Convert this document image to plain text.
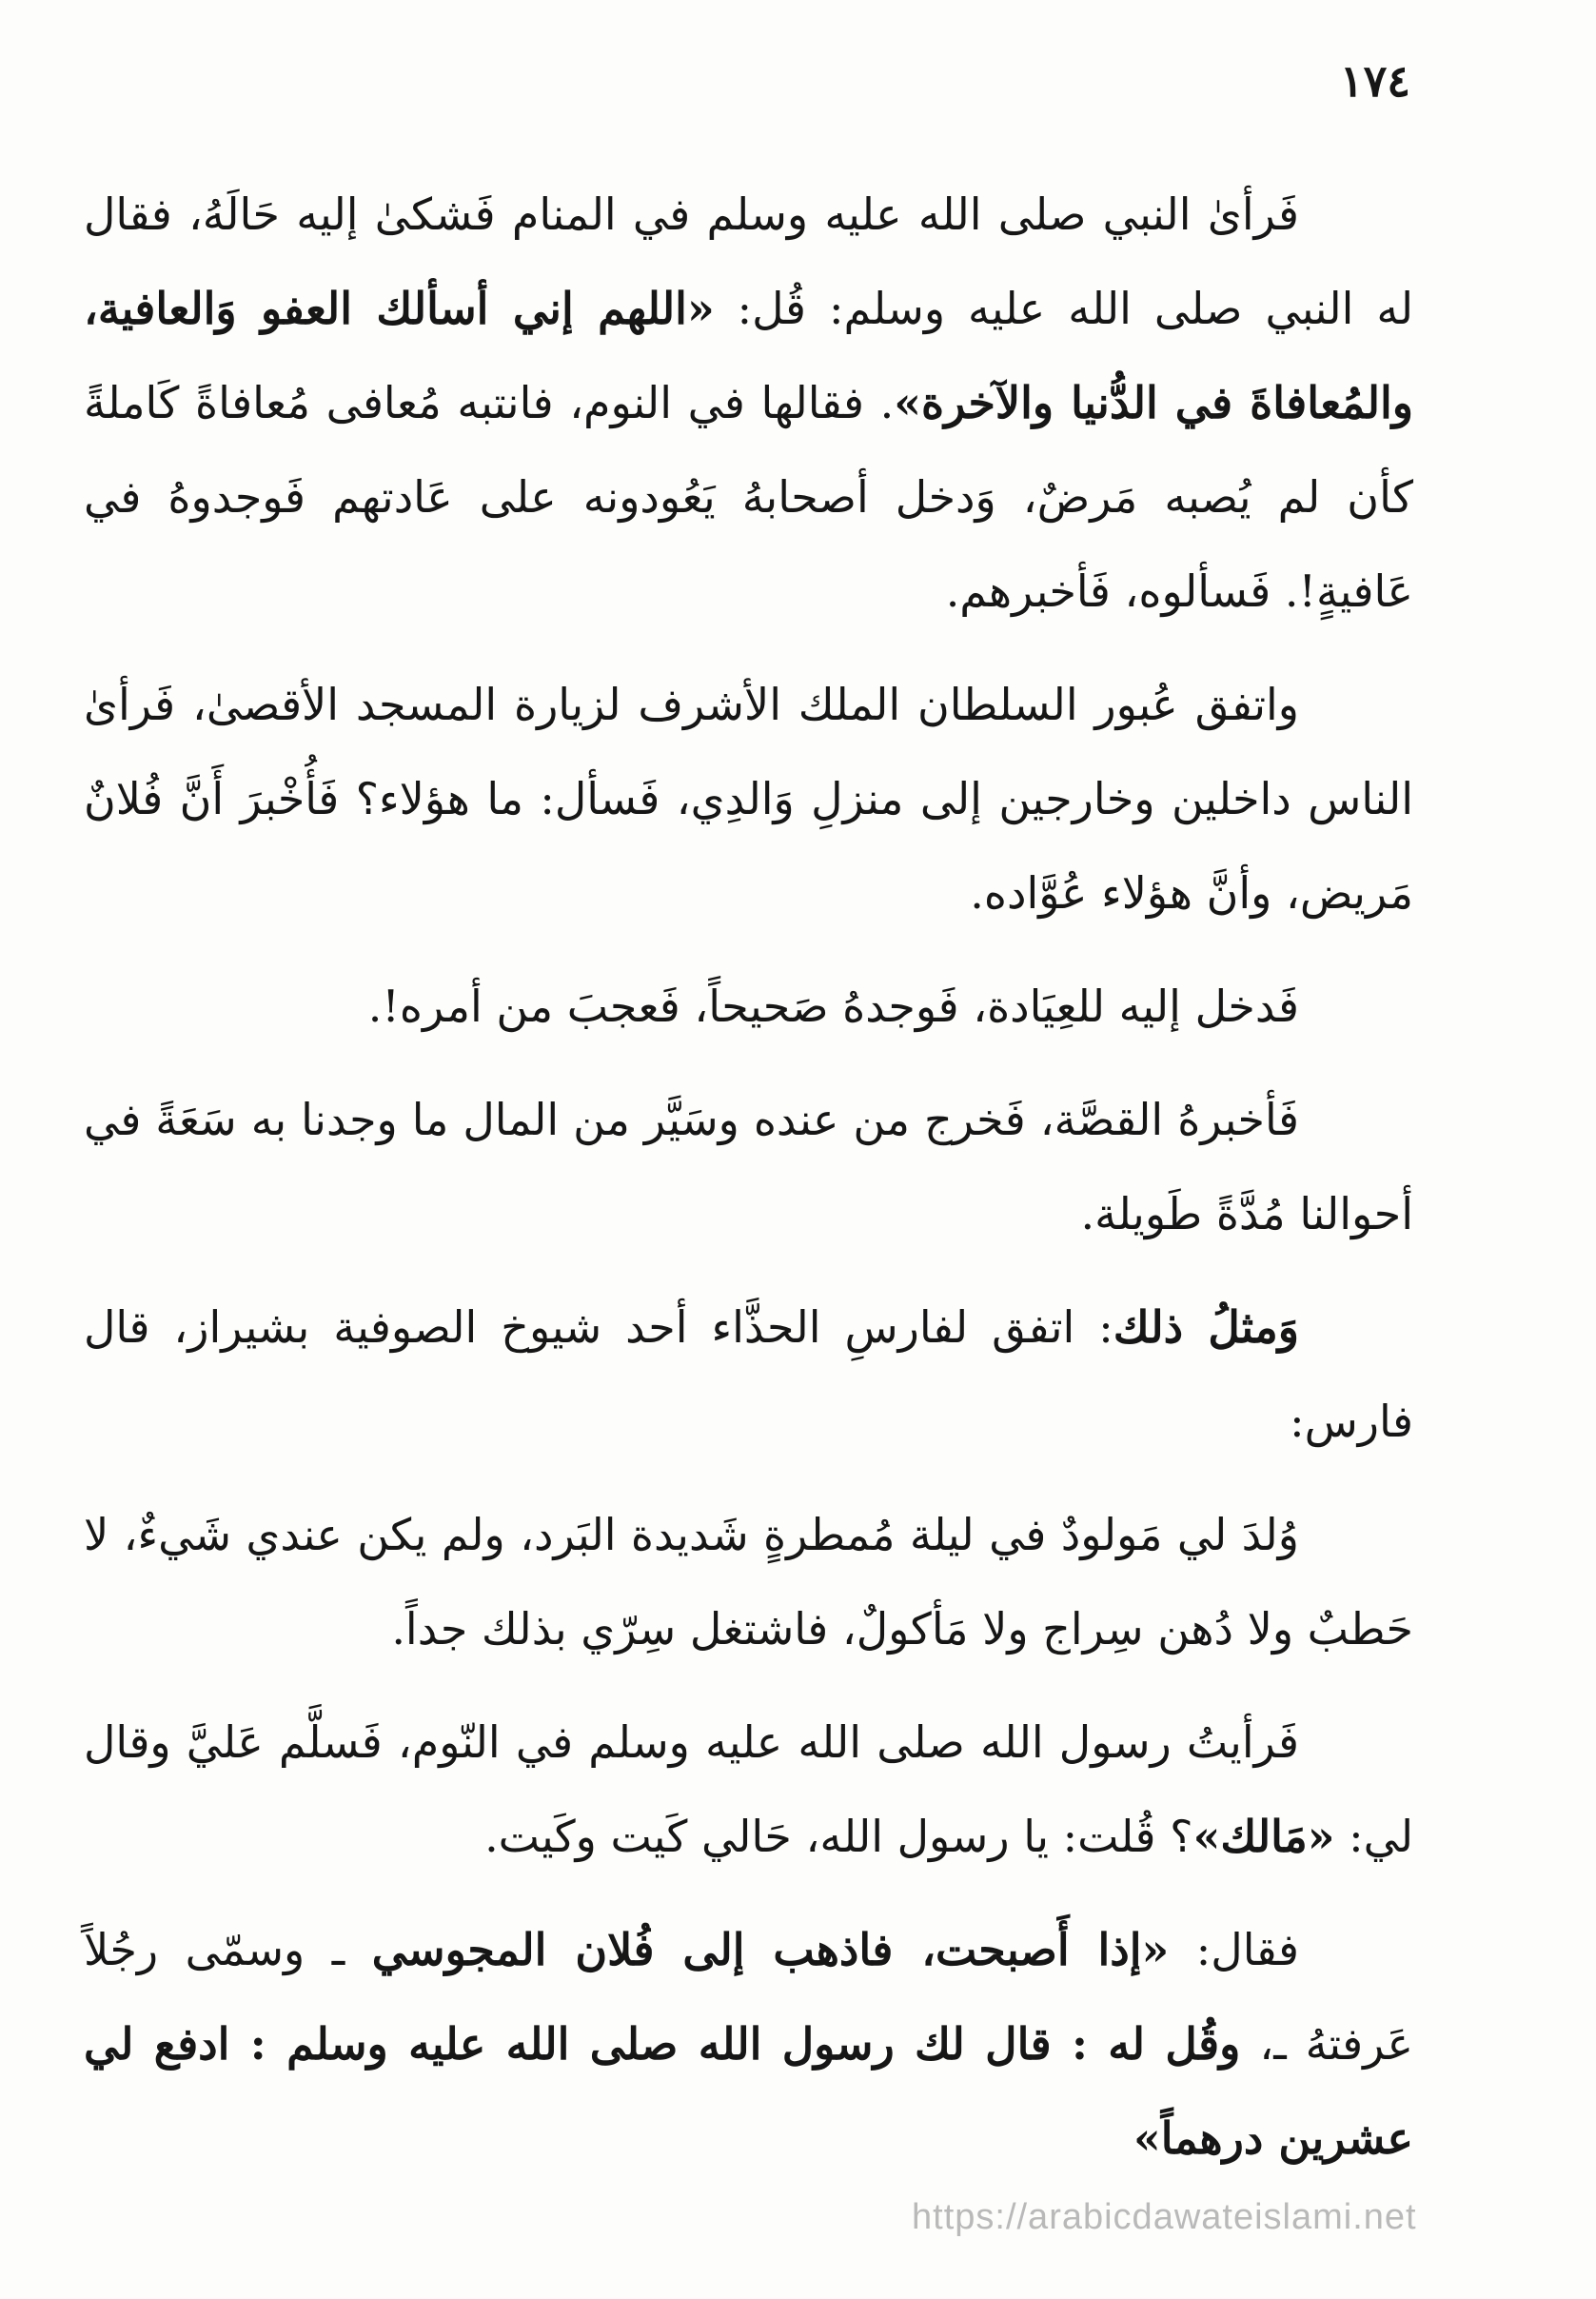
١٧٤

فَرأىٰ النبي صلى الله عليه وسلم في المنام فَشكىٰ إليه حَالَهُ، فقال له النبي صلى الله عليه وسلم: قُل: «اللهم إني أسألك العفو وَالعافية، والمُعافاةَ في الدُّنيا والآخرة». فقالها في النوم، فانتبه مُعافى مُعافاةً كَاملةً كأن لم يُصبه مَرضٌ، وَدخل أصحابهُ يَعُودونه على عَادتهم فَوجدوهُ في عَافيةٍ!. فَسألوه، فَأخبرهم.

واتفق عُبور السلطان الملك الأشرف لزيارة المسجد الأقصىٰ، فَرأىٰ الناس داخلين وخارجين إلى منزلِ وَالدِي، فَسأل: ما هؤلاء؟ فَأُخْبرَ أَنَّ فُلانٌ مَريض، وأنَّ هؤلاء عُوَّاده.

فَدخل إليه للعِيَادة، فَوجدهُ صَحيحاً، فَعجبَ من أمره!.

فَأخبرهُ القصَّة، فَخرج من عنده وسَيَّر من المال ما وجدنا به سَعَةً في أحوالنا مُدَّةً طَويلة.

وَمثلُ ذلك: اتفق لفارسِ الحذَّاء أحد شيوخ الصوفية بشيراز، قال فارس:

وُلدَ لي مَولودٌ في ليلة مُمطرةٍ شَديدة البَرد، ولم يكن عندي شَيءٌ، لا حَطبٌ ولا دُهن سِراج ولا مَأكولٌ، فاشتغل سِرّي بذلك جداً.

فَرأيتُ رسول الله صلى الله عليه وسلم في النّوم، فَسلَّم عَليَّ وقال لي: «مَالك»؟ قُلت: يا رسول الله، حَالي كَيت وكَيت.

فقال: «إذا أَصبحت، فاذهب إلى فُلان المجوسي ـ وسمّى رجُلاً عَرفتهُ ـ، وقُل له : قال لك رسول الله صلى الله عليه وسلم : ادفع لي عشرين درهماً»

https://arabicdawateislami.net
